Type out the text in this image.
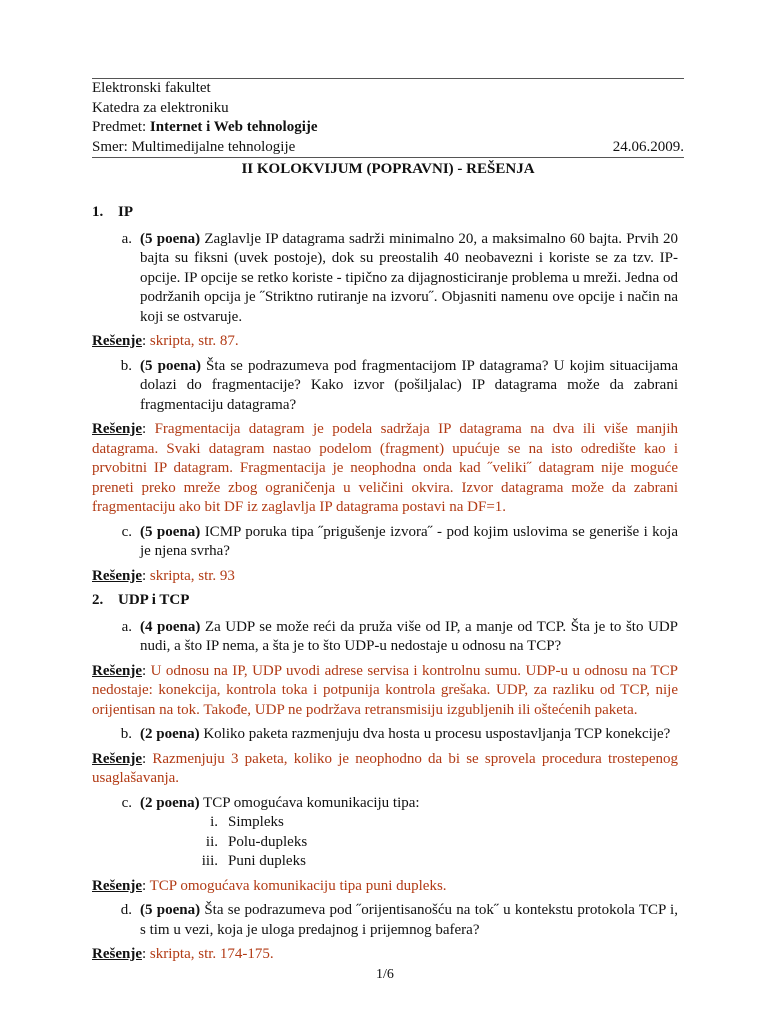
Elektronski fakultet
Katedra za elektroniku
Predmet: Internet i Web tehnologije
Smer: Multimedijalne tehnologije	24.06.2009.
II KOLOKVIJUM (POPRAVNI) - REŠENJA
1. IP
a. (5 poena) Zaglavlje IP datagrama sadrži minimalno 20, a maksimalno 60 bajta. Prvih 20 bajta su fiksni (uvek postoje), dok su preostalih 40 neobavezni i koriste se za tzv. IP-opcije. IP opcije se retko koriste - tipično za dijagnosticiranje problema u mreži. Jedna od podržanih opcija je ˝Striktno rutiranje na izvoru˝. Objasniti namenu ove opcije i način na koji se ostvaruje.
Rešenje: skripta, str. 87.
b. (5 poena) Šta se podrazumeva pod fragmentacijom IP datagrama? U kojim situacijama dolazi do fragmentacije? Kako izvor (pošiljalac) IP datagrama može da zabrani fragmentaciju datagrama?
Rešenje: Fragmentacija datagram je podela sadržaja IP datagrama na dva ili više manjih datagrama. Svaki datagram nastao podelom (fragment) upućuje se na isto odredište kao i prvobitni IP datagram. Fragmentacija je neophodna onda kad ˝veliki˝ datagram nije moguće preneti preko mreže zbog ograničenja u veličini okvira. Izvor datagrama može da zabrani fragmentaciju ako bit DF iz zaglavlja IP datagrama postavi na DF=1.
c. (5 poena) ICMP poruka tipa ˝prigušenje izvora˝ - pod kojim uslovima se generiše i koja je njena svrha?
Rešenje: skripta, str. 93
2. UDP i TCP
a. (4 poena) Za UDP se može reći da pruža više od IP, a manje od TCP. Šta je to što UDP nudi, a što IP nema, a šta je to što UDP-u nedostaje u odnosu na TCP?
Rešenje: U odnosu na IP, UDP uvodi adrese servisa i kontrolnu sumu. UDP-u u odnosu na TCP nedostaje: konekcija, kontrola toka i potpunija kontrola grešaka. UDP, za razliku od TCP, nije orijentisan na tok. Takođe, UDP ne podržava retransmisiju izgubljenih ili oštećenih paketa.
b. (2 poena) Koliko paketa razmenjuju dva hosta u procesu uspostavljanja TCP konekcije?
Rešenje: Razmenjuju 3 paketa, koliko je neophodno da bi se sprovela procedura trostepenog usaglašavanja.
c. (2 poena) TCP omogućava komunikaciju tipa:
i. Simpleks
ii. Polu-dupleks
iii. Puni dupleks
Rešenje: TCP omogućava komunikaciju tipa puni dupleks.
d. (5 poena) Šta se podrazumeva pod ˝orijentisanošću na tok˝ u kontekstu protokola TCP i, s tim u vezi, koja je uloga predajnog i prijemnog bafera?
Rešenje: skripta, str. 174-175.
1/6
